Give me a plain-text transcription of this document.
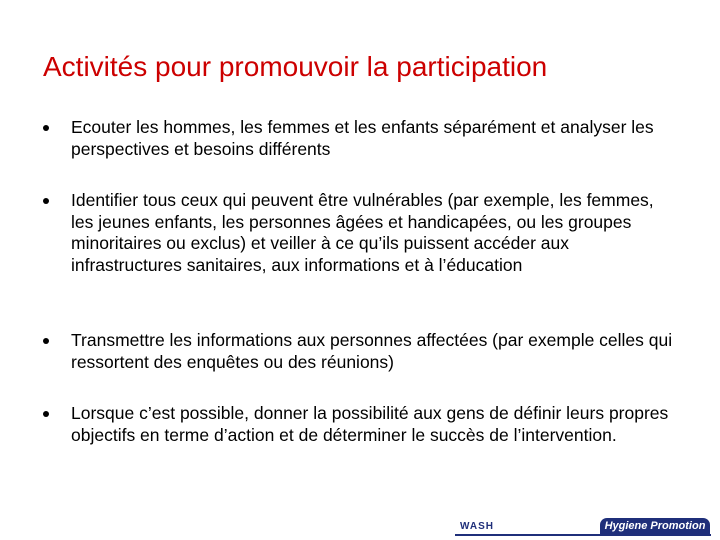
Activités pour promouvoir la participation
Ecouter les hommes, les femmes et les enfants séparément et analyser les perspectives et besoins différents
Identifier tous ceux qui peuvent être vulnérables (par exemple, les femmes, les jeunes enfants, les personnes âgées et handicapées, ou les groupes minoritaires ou exclus) et veiller à ce qu’ils puissent accéder aux infrastructures sanitaires, aux informations et à l’éducation
Transmettre les informations aux personnes affectées (par exemple celles qui ressortent des enquêtes ou des réunions)
Lorsque c’est possible, donner la possibilité aux gens de définir leurs propres objectifs en terme d’action et de déterminer le succès de l’intervention.
WASH	Hygiene Promotion
